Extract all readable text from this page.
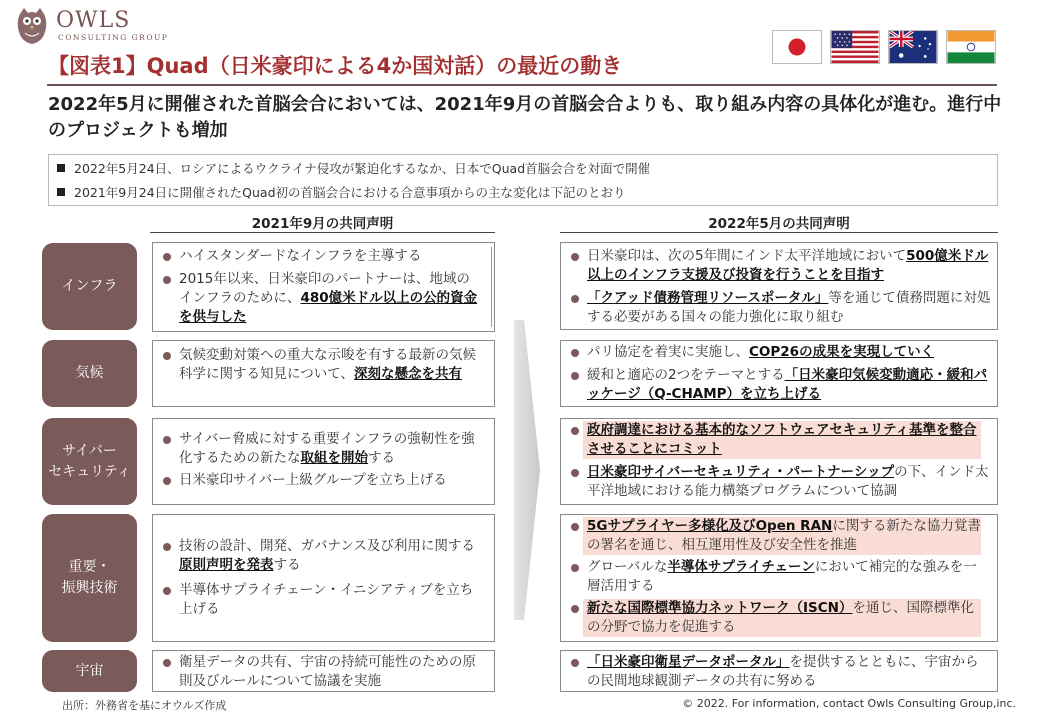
OWLS
CONSULTING GROUP
【図表1】Quad（日米豪印による4か国対話）の最近の動き
2022年5月に開催された首脳会合においては、2021年9月の首脳会合よりも、取り組み内容の具体化が進む。進行中のプロジェクトも増加
2022年5月24日、ロシアによるウクライナ侵攻が緊迫化するなか、日本でQuad首脳会合を対面で開催
2021年9月24日に開催されたQuad初の首脳会合における合意事項からの主な変化は下記のとおり
2021年9月の共同声明	2022年5月の共同声明
インフラ
気候
サイバー
セキュリティ
重要・
振興技術
宇宙
ハイスタンダードなインフラを主導する
2015年以来、日米豪印のパートナーは、地域のインフラのために、480億米ドル以上の公的資金を供与した
気候変動対策への重大な示唆を有する最新の気候科学に関する知見について、深刻な懸念を共有
サイバー脅威に対する重要インフラの強靭性を強化するための新たな取組を開始する
日米豪印サイバー上級グループを立ち上げる
技術の設計、開発、ガバナンス及び利用に関する原則声明を発表する
半導体サプライチェーン・イニシアティブを立ち上げる
衛星データの共有、宇宙の持続可能性のための原則及びルールについて協議を実施
日米豪印は、次の5年間にインド太平洋地域において500億米ドル以上のインフラ支援及び投資を行うことを目指す
「クアッド債務管理リソースポータル」等を通じて債務問題に対処する必要がある国々の能力強化に取り組む
パリ協定を着実に実施し、COP26の成果を実現していく
緩和と適応の2つをテーマとする「日米豪印気候変動適応・緩和パッケージ（Q-CHAMP）を立ち上げる
政府調達における基本的なソフトウェアセキュリティ基準を整合させることにコミット
日米豪印サイバーセキュリティ・パートナーシップの下、インド太平洋地域における能力構築プログラムについて協調
5Gサプライヤー多様化及びOpen RANに関する新たな協力覚書の署名を通じ、相互運用性及び安全性を推進
グローバルな半導体サプライチェーンにおいて補完的な強みを一層活用する
新たな国際標準協力ネットワーク（ISCN）を通じ、国際標準化の分野で協力を促進する
「日米豪印衛星データポータル」を提供するとともに、宇宙からの民間地球観測データの共有に努める
出所：外務省を基にオウルズ作成	© 2022. For information, contact Owls Consulting Group,inc.
